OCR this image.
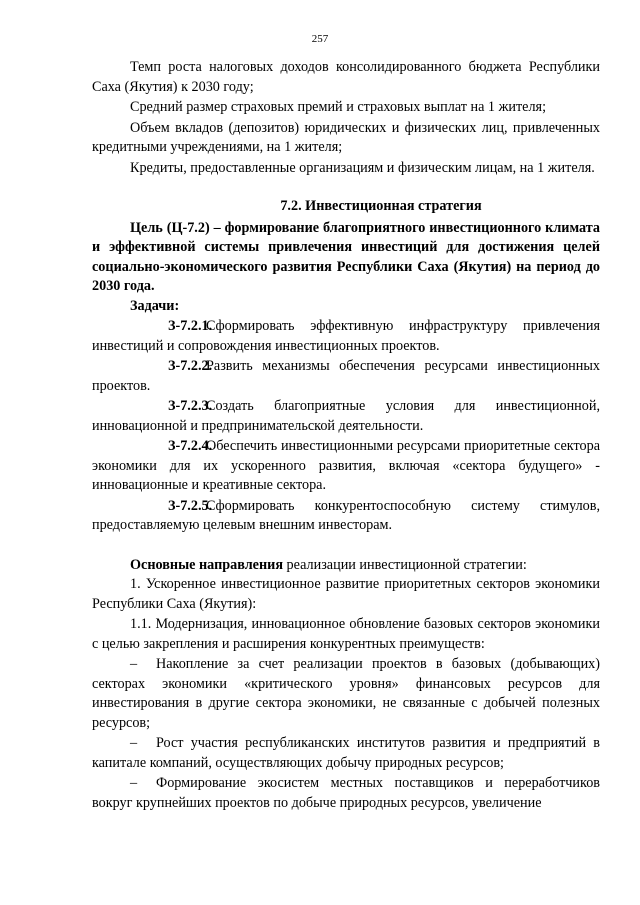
257

Темп роста налоговых доходов консолидированного бюджета Республики Саха (Якутия) к 2030 году;

Средний размер страховых премий и страховых выплат на 1 жителя;

Объем вкладов (депозитов) юридических и физических лиц, привлеченных кредитными учреждениями, на 1 жителя;

Кредиты, предоставленные организациям и физическим лицам, на 1 жителя.

7.2. Инвестиционная стратегия

Цель (Ц-7.2) – формирование благоприятного инвестиционного климата и эффективной системы привлечения инвестиций для достижения целей социально-экономического развития Республики Саха (Якутия) на период до 2030 года.

Задачи:

З-7.2.1.Сформировать эффективную инфраструктуру привлечения инвестиций и сопровождения инвестиционных проектов.

З-7.2.2.Развить механизмы обеспечения ресурсами инвестиционных проектов.

З-7.2.3.Создать благоприятные условия для инвестиционной, инновационной и предпринимательской деятельности.

З-7.2.4.Обеспечить инвестиционными ресурсами приоритетные сектора экономики для их ускоренного развития, включая «сектора будущего» - инновационные и креативные сектора.

З-7.2.5.Сформировать конкурентоспособную систему стимулов, предоставляемую целевым внешним инвесторам.

Основные направления реализации инвестиционной стратегии:

1. Ускоренное инвестиционное развитие приоритетных секторов экономики Республики Саха (Якутия):

1.1. Модернизация, инновационное обновление базовых секторов экономики с целью закрепления и расширения конкурентных преимуществ:

– Накопление за счет реализации проектов в базовых (добывающих) секторах экономики «критического уровня» финансовых ресурсов для инвестирования в другие сектора экономики, не связанные с добычей полезных ресурсов;

– Рост участия республиканских институтов развития и предприятий в капитале компаний, осуществляющих добычу природных ресурсов;

– Формирование экосистем местных поставщиков и переработчиков вокруг крупнейших проектов по добыче природных ресурсов, увеличение
